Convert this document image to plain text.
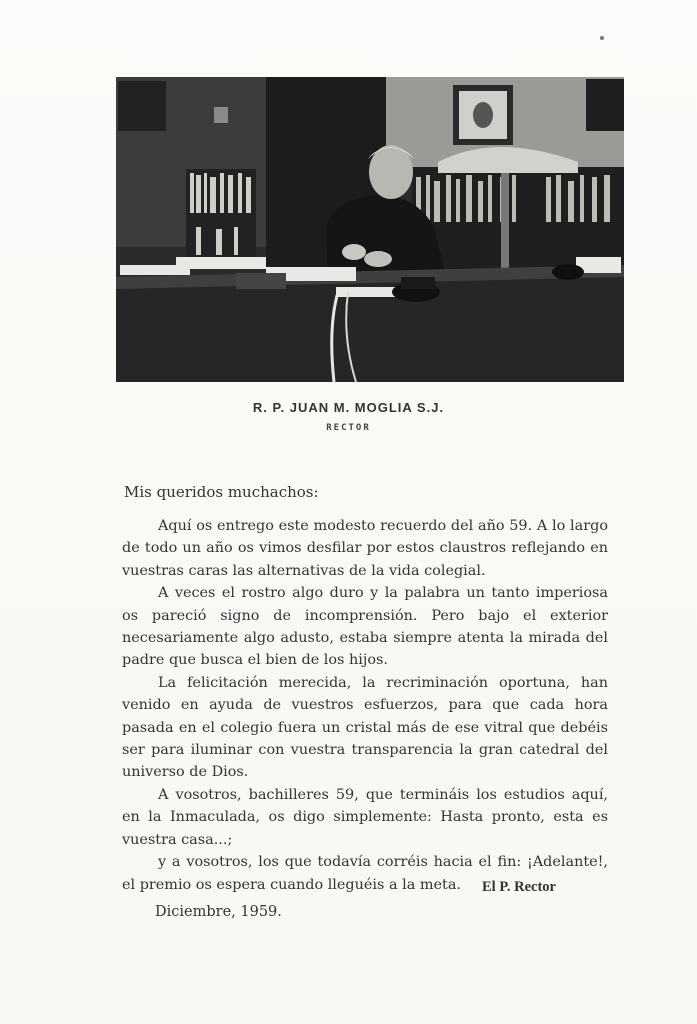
R. P. JUAN M. MOGLIA S.J.
RECTOR
Mis queridos muchachos:

Aquí os entrego este modesto recuerdo del año 59. A lo largo de todo un año os vimos desfilar por estos claustros reflejando en vuestras caras las alternativas de la vida colegial.

A veces el rostro algo duro y la palabra un tanto imperiosa os pareció signo de incomprensión. Pero bajo el exterior necesariamente algo adusto, estaba siempre atenta la mirada del padre que busca el bien de los hijos.

La felicitación merecida, la recriminación oportuna, han venido en ayuda de vuestros esfuerzos, para que cada hora pasada en el colegio fuera un cristal más de ese vitral que debéis ser para iluminar con vuestra transparencia la gran catedral del universo de Dios.

A vosotros, bachilleres 59, que termináis los estudios aquí, en la Inmaculada, os digo simplemente: Hasta pronto, esta es vuestra casa...;

y a vosotros, los que todavía corréis hacia el fin: ¡Adelante!, el premio os espera cuando lleguéis a la meta.	El P. Rector
Diciembre, 1959.
